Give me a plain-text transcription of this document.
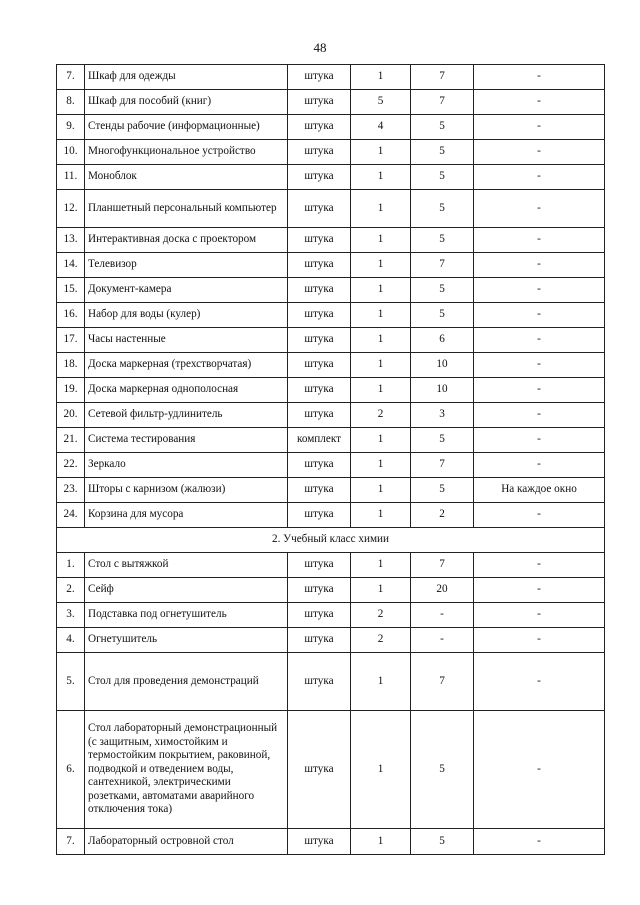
48
7.	Шкаф для одежды	штука	1	7	-
8.	Шкаф для пособий (книг)	штука	5	7	-
9.	Стенды рабочие (информационные)	штука	4	5	-
10.	Многофункциональное устройство	штука	1	5	-
11.	Моноблок	штука	1	5	-
12.	Планшетный персональный компьютер	штука	1	5	-
13.	Интерактивная доска с проектором	штука	1	5	-
14.	Телевизор	штука	1	7	-
15.	Документ-камера	штука	1	5	-
16.	Набор для воды (кулер)	штука	1	5	-
17.	Часы настенные	штука	1	6	-
18.	Доска маркерная (трехстворчатая)	штука	1	10	-
19.	Доска маркерная однополосная	штука	1	10	-
20.	Сетевой фильтр-удлинитель	штука	2	3	-
21.	Система тестирования	комплект	1	5	-
22.	Зеркало	штука	1	7	-
23.	Шторы с карнизом (жалюзи)	штука	1	5	На каждое окно
24.	Корзина для мусора	штука	1	2	-
2. Учебный класс химии					
1.	Стол с вытяжкой	штука	1	7	-
2.	Сейф	штука	1	20	-
3.	Подставка под огнетушитель	штука	2	-	-
4.	Огнетушитель	штука	2	-	-
5.	Стол для проведения демонстраций	штука	1	7	-
6.	Стол лабораторный демонстрационный (с защитным, химостойким и термостойким покрытием, раковиной, подводкой и отведением воды, сантехникой, электрическими розетками, автоматами аварийного отключения тока)	штука	1	5	-
7.	Лабораторный островной стол	штука	1	5	-
